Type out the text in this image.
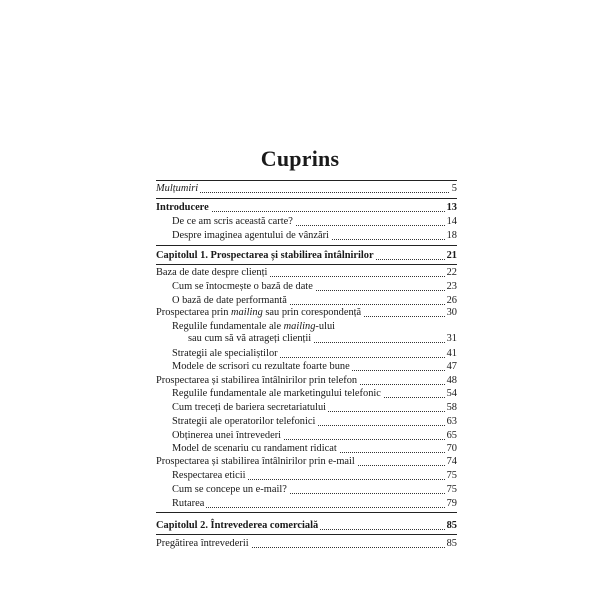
Cuprins
Mulțumiri	5
Introducere	13
De ce am scris această carte?	14
Despre imaginea agentului de vânzări	18
Capitolul 1. Prospectarea și stabilirea întâlnirilor	21
Baza de date despre clienți	22
Cum se întocmește o bază de date	23
O bază de date performantă	26
Prospectarea prin mailing sau prin corespondență	30
Regulile fundamentale ale mailing-ului
sau cum să vă atrageți clienții	31
Strategii ale specialiștilor	41
Modele de scrisori cu rezultate foarte bune	47
Prospectarea și stabilirea întâlnirilor prin telefon	48
Regulile fundamentale ale marketingului telefonic	54
Cum treceți de bariera secretariatului	58
Strategii ale operatorilor telefonici	63
Obținerea unei întrevederi	65
Model de scenariu cu randament ridicat	70
Prospectarea și stabilirea întâlnirilor prin e-mail	74
Respectarea eticii	75
Cum se concepe un e-mail?	75
Rutarea	79
Capitolul 2. Întrevederea comercială	85
Pregătirea întrevederii	85
